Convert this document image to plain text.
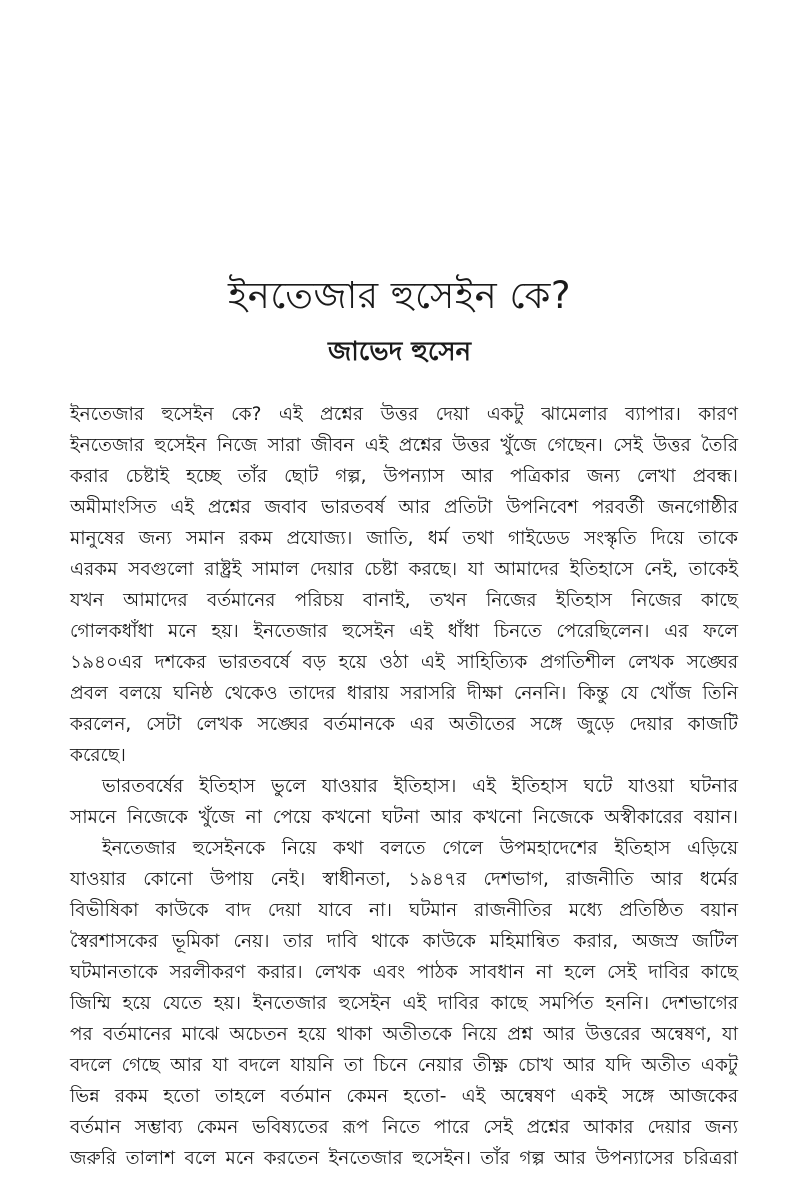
ইনতেজার হুসেইন কে?
জাভেদ হুসেন
ইনতেজার হুসেইন কে? এই প্রশ্নের উত্তর দেয়া একটু ঝামেলার ব্যাপার। কারণ
ইনতেজার হুসেইন নিজে সারা জীবন এই প্রশ্নের উত্তর খুঁজে গেছেন। সেই উত্তর তৈরি
করার চেষ্টাই হচ্ছে তাঁর ছোট গল্প, উপন্যাস আর পত্রিকার জন্য লেখা প্রবন্ধ।
অমীমাংসিত এই প্রশ্নের জবাব ভারতবর্ষ আর প্রতিটা উপনিবেশ পরবর্তী জনগোষ্ঠীর
মানুষের জন্য সমান রকম প্রযোজ্য। জাতি, ধর্ম তথা গাইডেড সংস্কৃতি দিয়ে তাকে
এরকম সবগুলো রাষ্ট্রই সামাল দেয়ার চেষ্টা করছে। যা আমাদের ইতিহাসে নেই, তাকেই
যখন আমাদের বর্তমানের পরিচয় বানাই, তখন নিজের ইতিহাস নিজের কাছে
গোলকধাঁধা মনে হয়। ইনতেজার হুসেইন এই ধাঁধা চিনতে পেরেছিলেন। এর ফলে
১৯৪০এর দশকের ভারতবর্ষে বড় হয়ে ওঠা এই সাহিত্যিক প্রগতিশীল লেখক সঙ্ঘের
প্রবল বলয়ে ঘনিষ্ঠ থেকেও তাদের ধারায় সরাসরি দীক্ষা নেননি। কিন্তু যে খোঁজ তিনি
করলেন, সেটা লেখক সঙ্ঘের বর্তমানকে এর অতীতের সঙ্গে জুড়ে দেয়ার কাজটি
করেছে।
ভারতবর্ষের ইতিহাস ভুলে যাওয়ার ইতিহাস। এই ইতিহাস ঘটে যাওয়া ঘটনার
সামনে নিজেকে খুঁজে না পেয়ে কখনো ঘটনা আর কখনো নিজেকে অস্বীকারের বয়ান।
ইনতেজার হুসেইনকে নিয়ে কথা বলতে গেলে উপমহাদেশের ইতিহাস এড়িয়ে
যাওয়ার কোনো উপায় নেই। স্বাধীনতা, ১৯৪৭র দেশভাগ, রাজনীতি আর ধর্মের
বিভীষিকা কাউকে বাদ দেয়া যাবে না। ঘটমান রাজনীতির মধ্যে প্রতিষ্ঠিত বয়ান
স্বৈরশাসকের ভূমিকা নেয়। তার দাবি থাকে কাউকে মহিমান্বিত করার, অজস্র জটিল
ঘটমানতাকে সরলীকরণ করার। লেখক এবং পাঠক সাবধান না হলে সেই দাবির কাছে
জিম্মি হয়ে যেতে হয়। ইনতেজার হুসেইন এই দাবির কাছে সমর্পিত হননি। দেশভাগের
পর বর্তমানের মাঝে অচেতন হয়ে থাকা অতীতকে নিয়ে প্রশ্ন আর উত্তরের অন্বেষণ, যা
বদলে গেছে আর যা বদলে যায়নি তা চিনে নেয়ার তীক্ষ্ণ চোখ আর যদি অতীত একটু
ভিন্ন রকম হতো তাহলে বর্তমান কেমন হতো- এই অন্বেষণ একই সঙ্গে আজকের
বর্তমান সম্ভাব্য কেমন ভবিষ্যতের রূপ নিতে পারে সেই প্রশ্নের আকার দেয়ার জন্য
জরুরি তালাশ বলে মনে করতেন ইনতেজার হুসেইন। তাঁর গল্প আর উপন্যাসের চরিত্ররা
